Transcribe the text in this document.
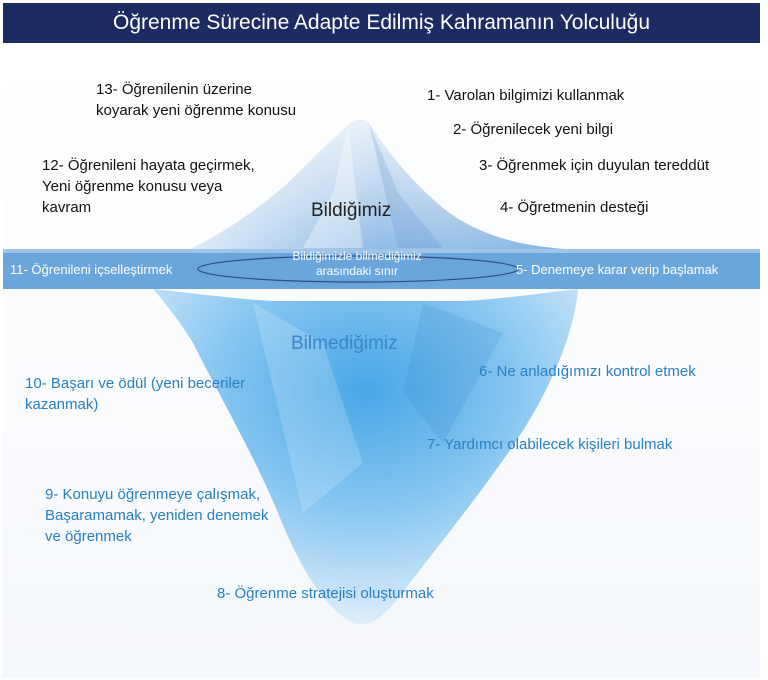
Öğrenme Sürecine Adapte Edilmiş Kahramanın Yolculuğu
13- Öğrenilenin üzerine
koyarak yeni öğrenme konusu
12- Öğrenileni hayata geçirmek,
Yeni öğrenme konusu veya
kavram
1- Varolan bilgimizi kullanmak
2- Öğrenilecek yeni bilgi
3- Öğrenmek için duyulan tereddüt
4- Öğretmenin desteği
Bildiğimiz
11- Öğrenileni içselleştirmek	5- Denemeye karar verip başlamak
Bildiğimizle bilmediğimiz
arasındaki sınır
Bilmediğimiz
10- Başarı ve ödül (yeni beceriler
kazanmak)
6- Ne anladığımızı kontrol etmek
7- Yardımcı olabilecek kişileri bulmak
9- Konuyu öğrenmeye çalışmak,
Başaramamak, yeniden denemek
ve öğrenmek
8- Öğrenme stratejisi oluşturmak
